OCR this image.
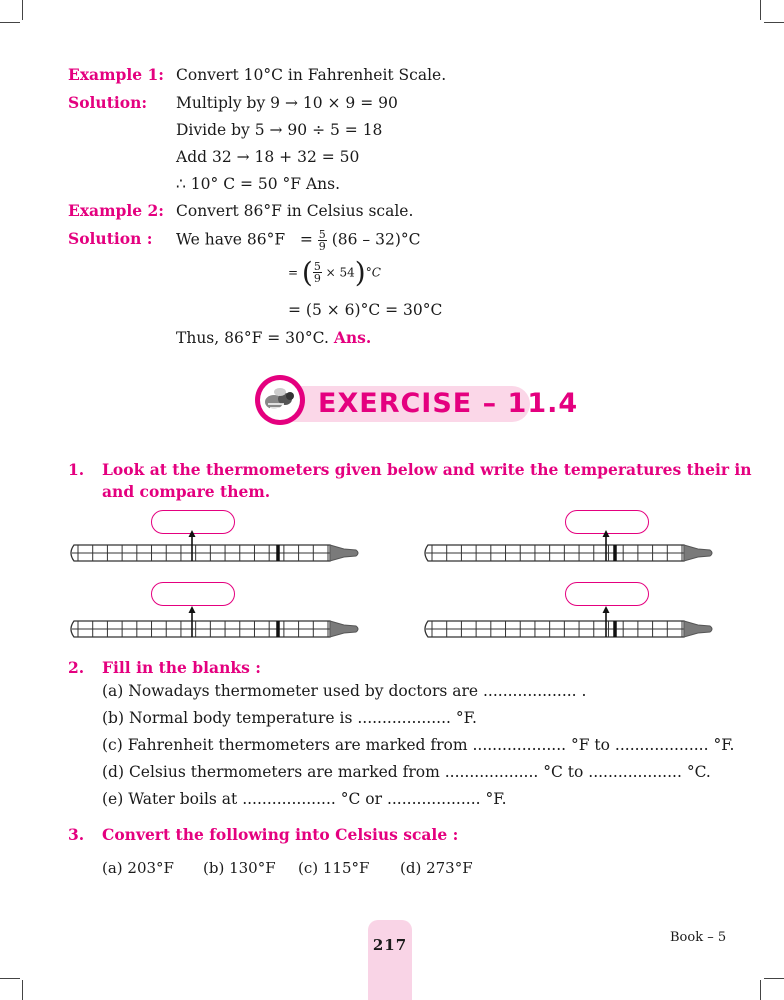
Example 1: Convert 10°C in Fahrenheit Scale.
Solution: Multiply by 9 → 10 × 9 = 90
Divide by 5 → 90 ÷ 5 = 18
Add 32 → 18 + 32 = 50
∴ 10° C = 50 °F Ans.
Example 2: Convert 86°F in Celsius scale.
Solution : We have $86^\circ F = \frac{5}{9} (86 - 32)^\circ C$
= ( $\frac{5}{9} \times 54)^\circ C$
= (5 × 6)°C = 30°C
Thus, 86°F = 30°C. Ans.
EXERCISE – 11.4
1. Look at the thermometers given below and write the temperatures their in
and compare them.
2. Fill in the blanks :
(a) Nowadays thermometer used by doctors are ................... .
(b) Normal body temperature is ................... °F.
(c) Fahrenheit thermometers are marked from ................... °F to ................... °F.
(d) Celsius thermometers are marked from ................... °C to ................... °C.
(e) Water boils at ................... °C or ................... °F.
3. Convert the following into Celsius scale :
(a) 203°F (b) 130°F (c) 115°F (d) 273°F
217	Book – 5
